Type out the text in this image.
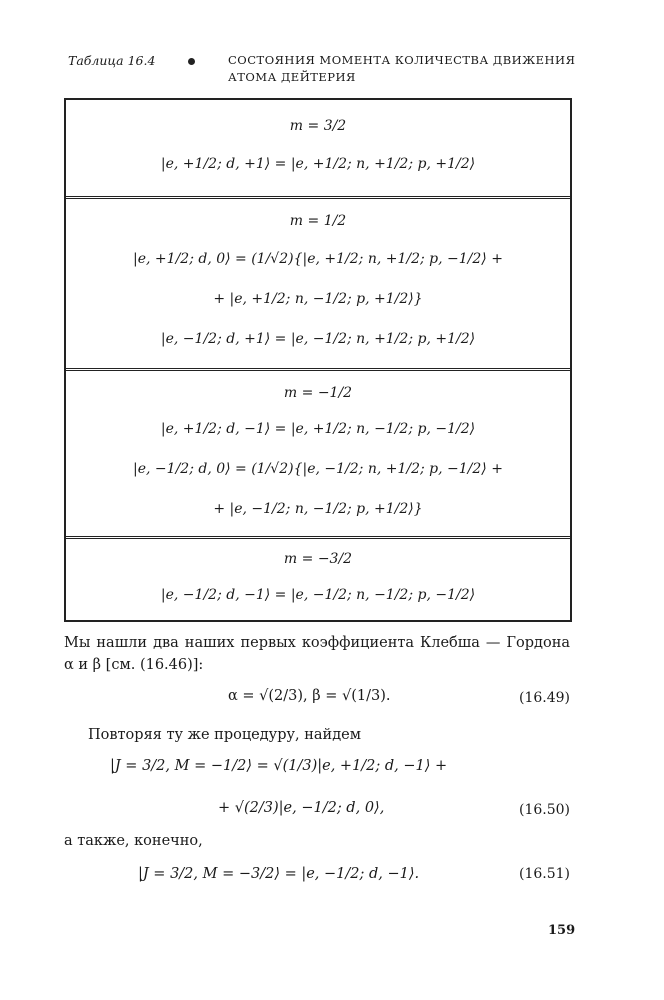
Таблица 16.4	СОСТОЯНИЯ МОМЕНТА КОЛИЧЕСТВА ДВИЖЕНИЯ АТОМА ДЕЙТЕРИЯ
m = 3/2
|e, +1/2; d, +1⟩ = |e, +1/2; n, +1/2; p, +1/2⟩
m = 1/2
|e, +1/2; d, 0⟩ = (1/√2){|e, +1/2; n, +1/2; p, −1/2⟩ +
+ |e, +1/2; n, −1/2; p, +1/2⟩}
|e, −1/2; d, +1⟩ = |e, −1/2; n, +1/2; p, +1/2⟩
m = −1/2
|e, +1/2; d, −1⟩ = |e, +1/2; n, −1/2; p, −1/2⟩
|e, −1/2; d, 0⟩ = (1/√2){|e, −1/2; n, +1/2; p, −1/2⟩ +
+ |e, −1/2; n, −1/2; p, +1/2⟩}
m = −3/2
|e, −1/2; d, −1⟩ = |e, −1/2; n, −1/2; p, −1/2⟩
Мы нашли два наших первых коэффициента Клебша — Гордона α и β [см. (16.46)]:
α = √(2/3), β = √(1/3).	(16.49)
Повторяя ту же процедуру, найдем
|J = 3/2, M = −1/2⟩ = √(1/3)|e, +1/2; d, −1⟩ +
+ √(2/3)|e, −1/2; d, 0⟩,	(16.50)
а также, конечно,
|J = 3/2, M = −3/2⟩ = |e, −1/2; d, −1⟩.	(16.51)
159
